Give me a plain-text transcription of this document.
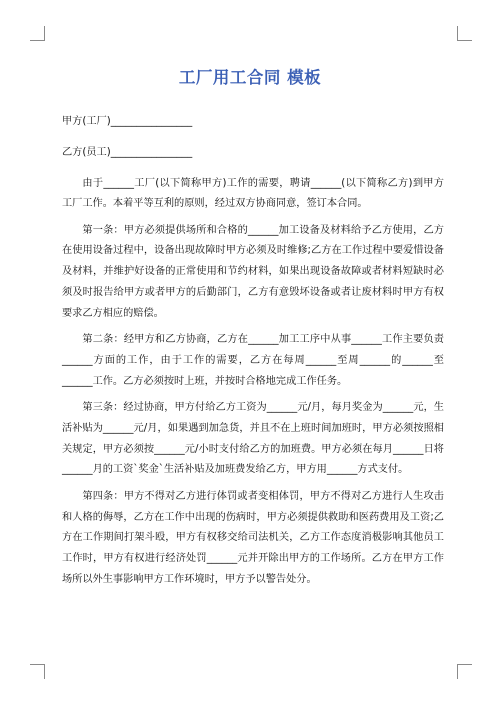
工厂用工合同 模板

甲方(工厂)________________

乙方(员工)________________

由于______工厂(以下简称甲方)工作的需要，聘请______(以下简称乙方)到甲方工厂工作。本着平等互利的原则，经过双方协商同意，签订本合同。

第一条：甲方必须提供场所和合格的______加工设备及材料给予乙方使用，乙方在使用设备过程中，设备出现故障时甲方必须及时维修;乙方在工作过程中要爱惜设备及材料，并维护好设备的正常使用和节约材料，如果出现设备故障或者材料短缺时必须及时报告给甲方或者甲方的后勤部门，乙方有意毁坏设备或者让废材料时甲方有权要求乙方相应的赔偿。

第二条：经甲方和乙方协商，乙方在______加工工序中从事______工作主要负责______方面的工作，由于工作的需要，乙方在每周______至周______的______至______工作。乙方必须按时上班，并按时合格地完成工作任务。

第三条：经过协商，甲方付给乙方工资为______元/月，每月奖金为______元，生活补贴为______元/月，如果遇到加急货，并且不在上班时间加班时，甲方必须按照相关规定，甲方必须按______元/小时支付给乙方的加班费。甲方必须在每月______日将______月的工资`奖金`生活补贴及加班费发给乙方，甲方用______方式支付。

第四条：甲方不得对乙方进行体罚或者变相体罚，甲方不得对乙方进行人生攻击和人格的侮辱，乙方在工作中出现的伤病时，甲方必须提供救助和医药费用及工资;乙方在工作期间打架斗殴，甲方有权移交给司法机关，乙方工作态度消极影响其他员工工作时，甲方有权进行经济处罚______元并开除出甲方的工作场所。乙方在甲方工作场所以外生事影响甲方工作环境时，甲方予以警告处分。
